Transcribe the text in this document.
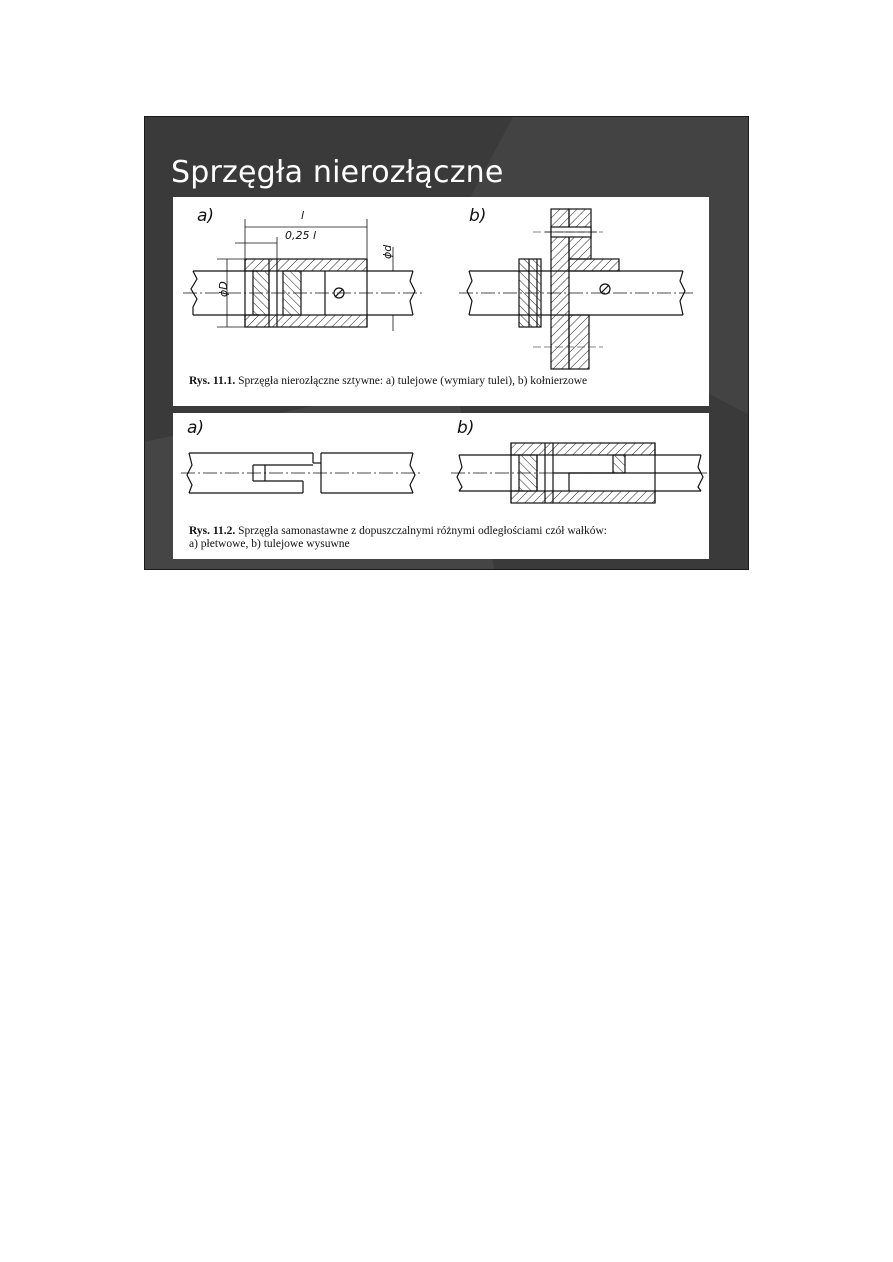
Sprzęgła nierozłączne
a)	l
0,25 l
ϕD
ϕd
b)
Rys. 11.1. Sprzęgła nierozłączne sztywne: a) tulejowe (wymiary tulei), b) kołnierzowe
a)	b)
Rys. 11.2. Sprzęgła samonastawne z dopuszczalnymi różnymi odległościami czół wałków:
a) płetwowe, b) tulejowe wysuwne
